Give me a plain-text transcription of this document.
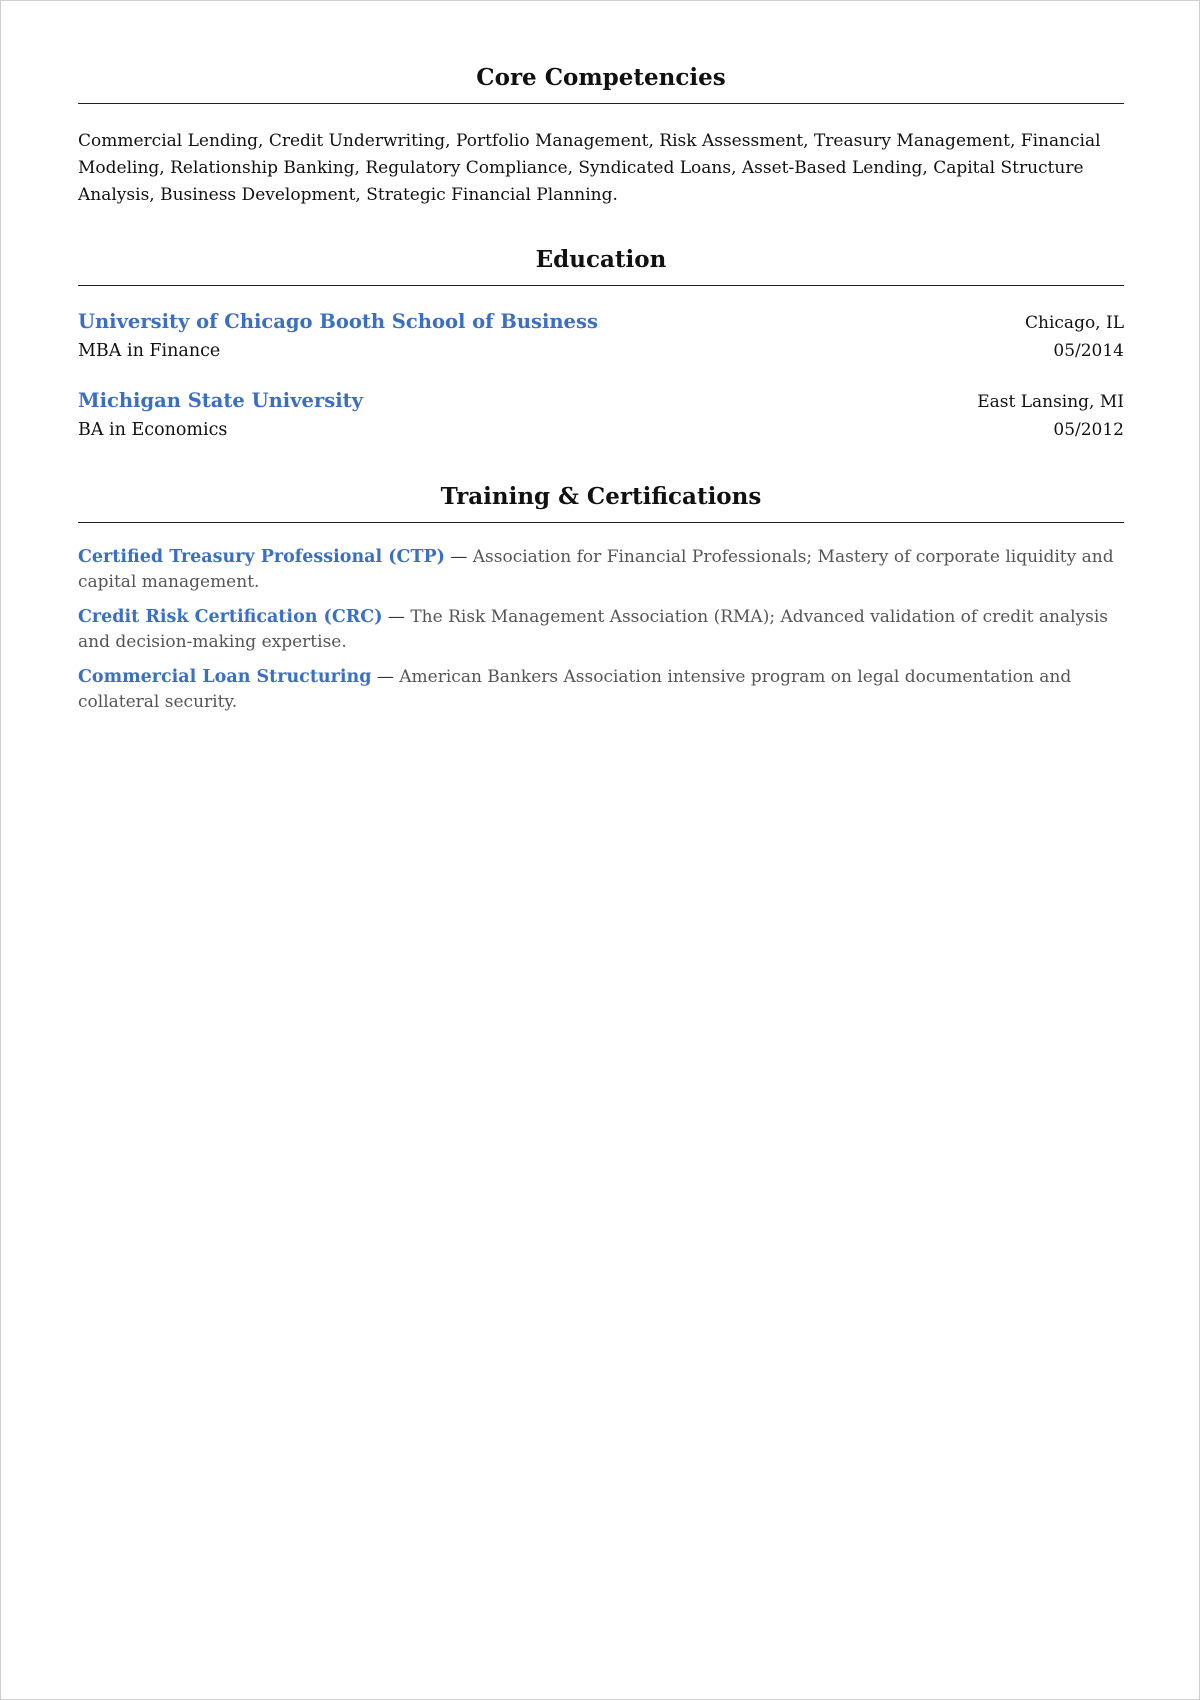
Core Competencies

Commercial Lending, Credit Underwriting, Portfolio Management, Risk Assessment, Treasury Management, Financial Modeling, Relationship Banking, Regulatory Compliance, Syndicated Loans, Asset-Based Lending, Capital Structure Analysis, Business Development, Strategic Financial Planning.

Education
University of Chicago Booth School of Business	Chicago, IL
MBA in Finance	05/2014
Michigan State University	East Lansing, MI
BA in Economics	05/2012
Training & Certifications
Certified Treasury Professional (CTP) — Association for Financial Professionals; Mastery of corporate liquidity and capital management.
Credit Risk Certification (CRC) — The Risk Management Association (RMA); Advanced validation of credit analysis and decision-making expertise.
Commercial Loan Structuring — American Bankers Association intensive program on legal documentation and collateral security.
